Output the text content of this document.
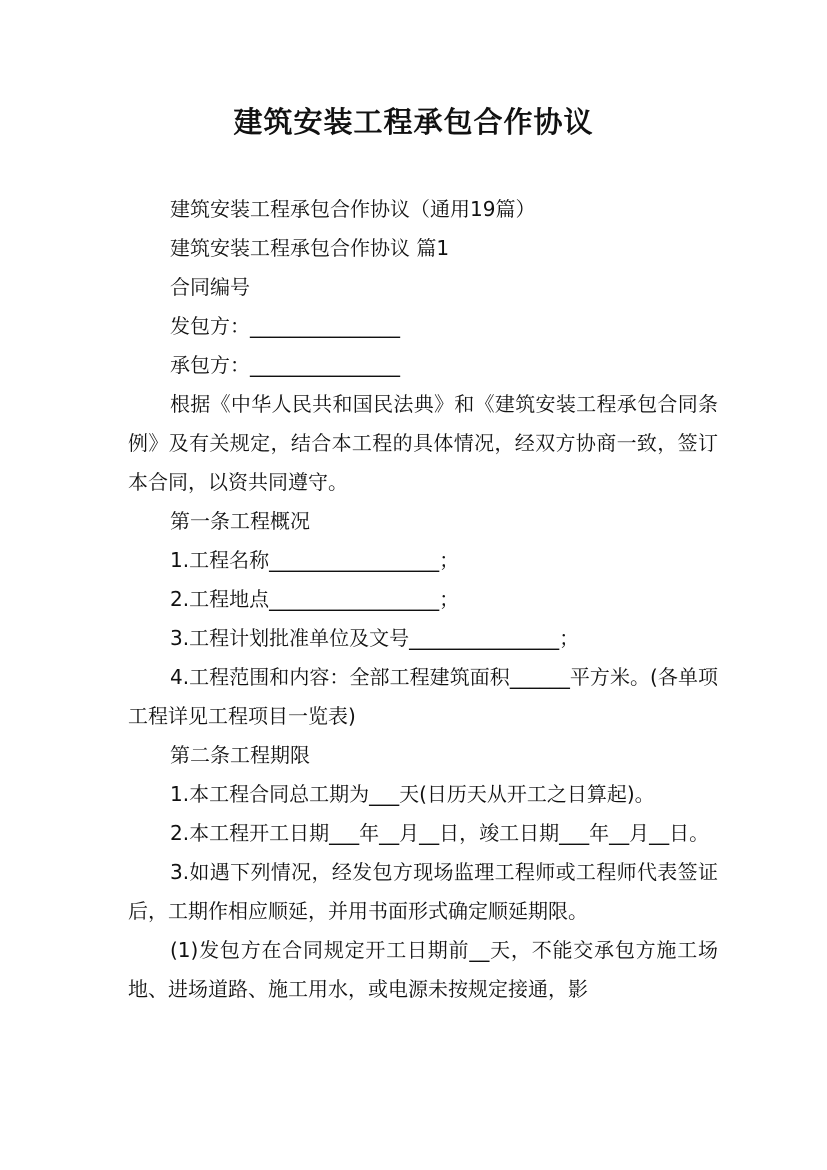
建筑安装工程承包合作协议

建筑安装工程承包合作协议（通用19篇）

建筑安装工程承包合作协议 篇1

合同编号

发包方：_______________

承包方：_______________

根据《中华人民共和国民法典》和《建筑安装工程承包合同条例》及有关规定，结合本工程的具体情况，经双方协商一致，签订本合同，以资共同遵守。

第一条工程概况

1.工程名称_________________；

2.工程地点_________________；

3.工程计划批准单位及文号_______________；

4.工程范围和内容：全部工程建筑面积______平方米。(各单项工程详见工程项目一览表)

第二条工程期限

1.本工程合同总工期为___天(日历天从开工之日算起)。

2.本工程开工日期___年__月__日，竣工日期___年__月__日。

3.如遇下列情况，经发包方现场监理工程师或工程师代表签证后，工期作相应顺延，并用书面形式确定顺延期限。

(1)发包方在合同规定开工日期前__天，不能交承包方施工场地、进场道路、施工用水，或电源未按规定接通，影
